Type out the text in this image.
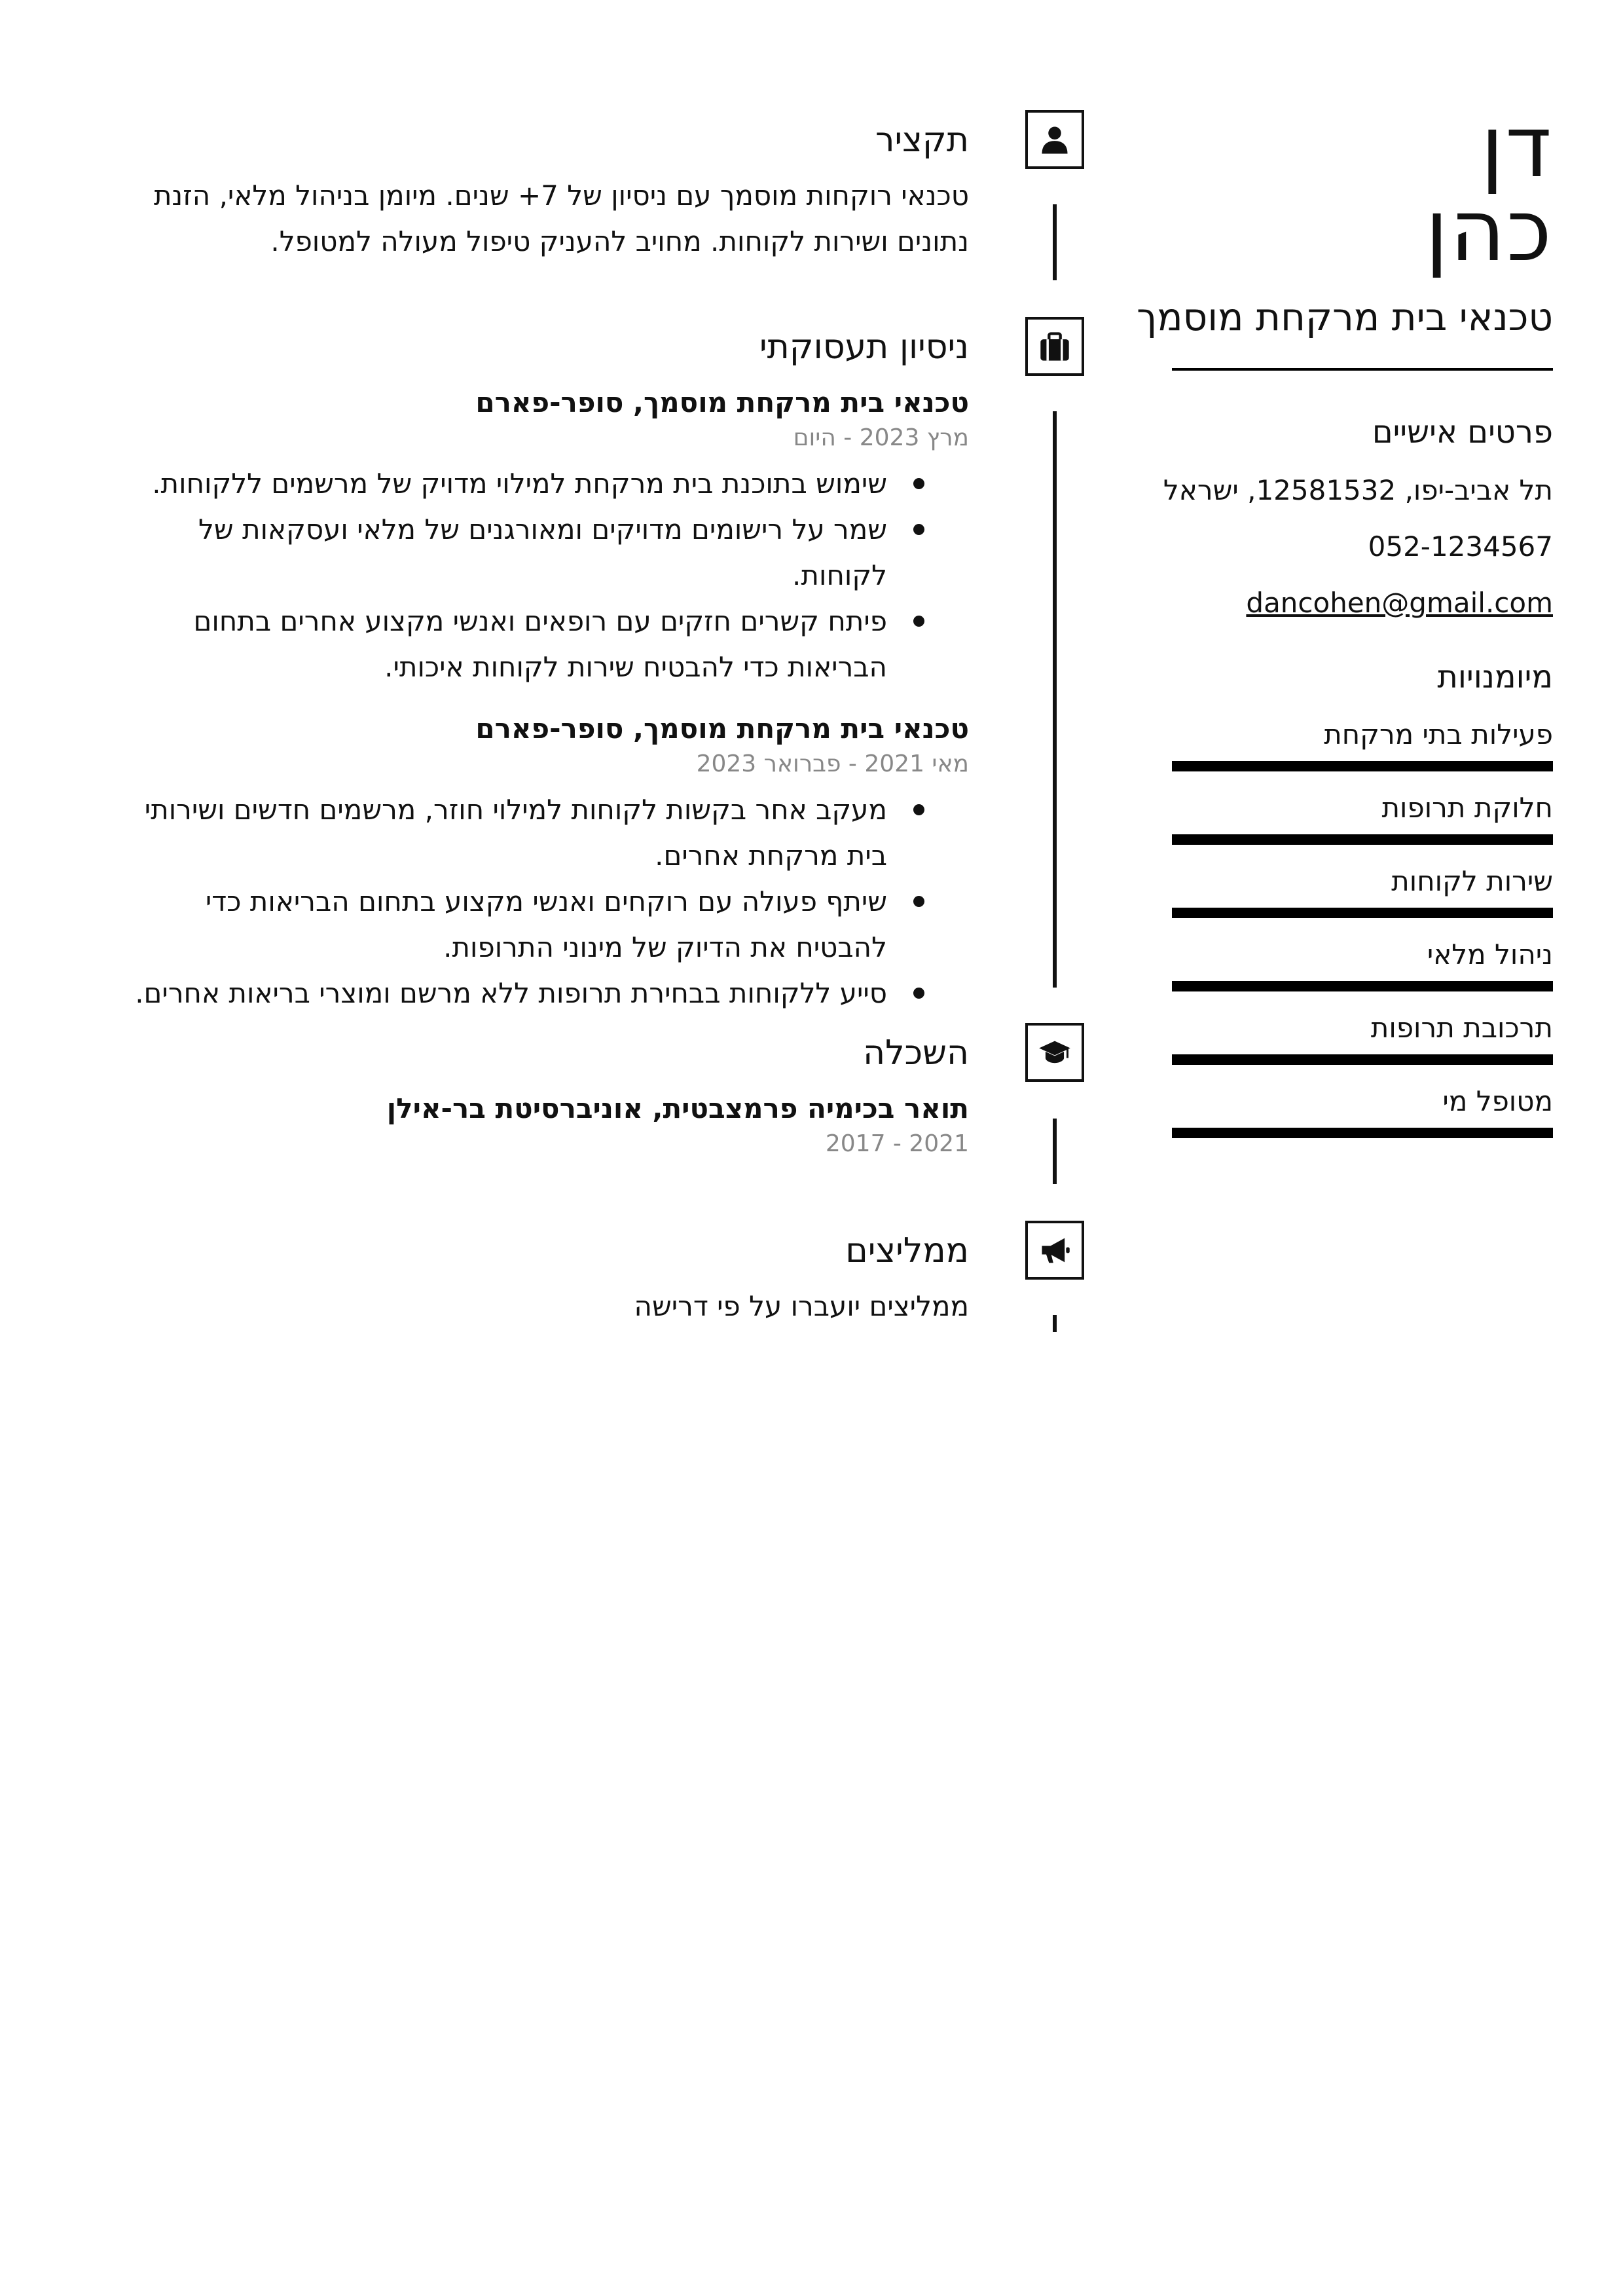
דן
כהן
טכנאי בית מרקחת מוסמך
פרטים אישיים
תל אביב-יפו, 12581532, ישראל
052-1234567
dancohen@gmail.com
מיומנויות
פעילות בתי מרקחת
חלוקת תרופות
שירות לקוחות
ניהול מלאי
תרכובת תרופות
מטופל מי
תקציר
טכנאי רוקחות מוסמך עם ניסיון של 7+ שנים. מיומן בניהול מלאי, הזנת נתונים ושירות לקוחות. מחויב להעניק טיפול מעולה למטופל.
ניסיון תעסוקתי
טכנאי בית מרקחת מוסמך, סופר-פארם
מרץ 2023 - היום
שימוש בתוכנת בית מרקחת למילוי מדויק של מרשמים ללקוחות.
שמר על רישומים מדויקים ומאורגנים של מלאי ועסקאות של לקוחות.
פיתח קשרים חזקים עם רופאים ואנשי מקצוע אחרים בתחום הבריאות כדי להבטיח שירות לקוחות איכותי.
טכנאי בית מרקחת מוסמך, סופר-פארם
מאי 2021 - פברואר 2023
מעקב אחר בקשות לקוחות למילוי חוזר, מרשמים חדשים ושירותי בית מרקחת אחרים.
שיתף פעולה עם רוקחים ואנשי מקצוע בתחום הבריאות כדי להבטיח את הדיוק של מינוני התרופות.
סייע ללקוחות בבחירת תרופות ללא מרשם ומוצרי בריאות אחרים.
השכלה
תואר בכימיה פרמצבטית, אוניברסיטת בר-אילן
2021 - 2017
ממליצים
ממליצים יועברו על פי דרישה
